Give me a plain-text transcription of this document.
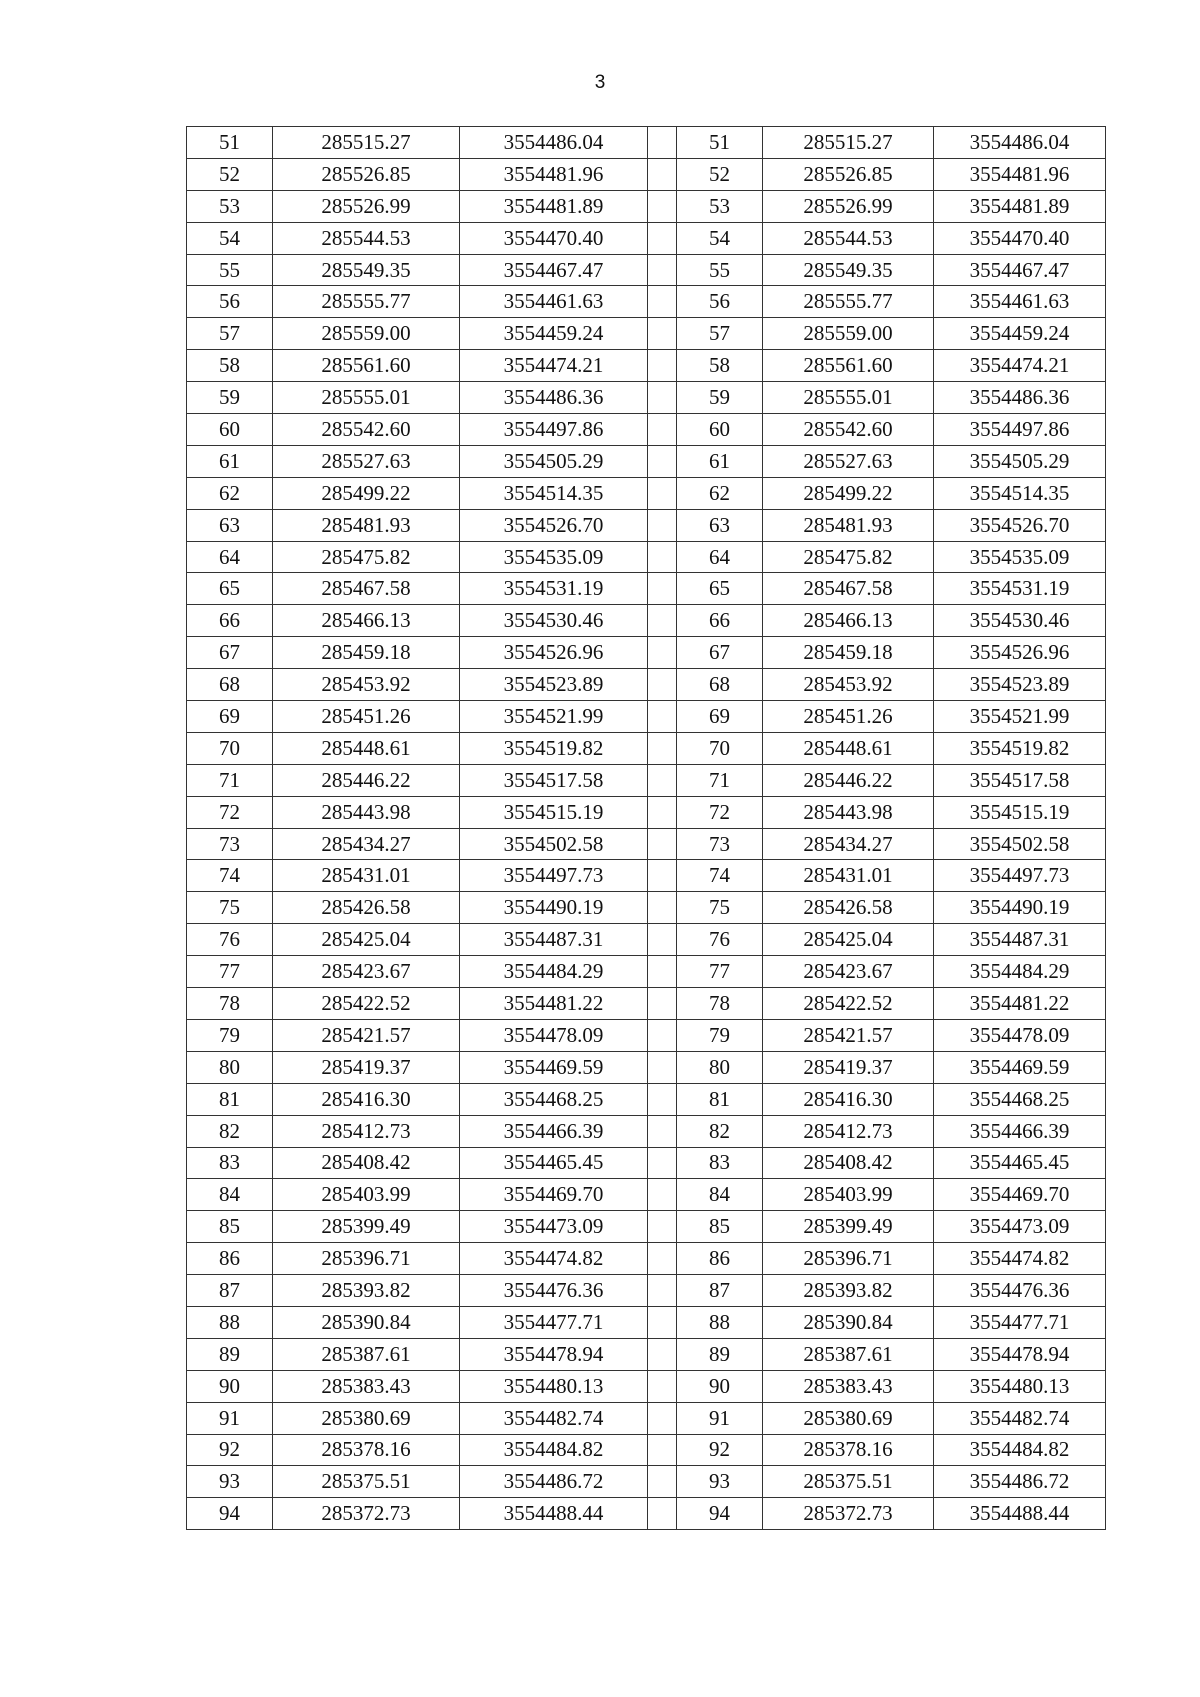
3
51	285515.27	3554486.04		51	285515.27	3554486.04
52	285526.85	3554481.96		52	285526.85	3554481.96
53	285526.99	3554481.89		53	285526.99	3554481.89
54	285544.53	3554470.40		54	285544.53	3554470.40
55	285549.35	3554467.47		55	285549.35	3554467.47
56	285555.77	3554461.63		56	285555.77	3554461.63
57	285559.00	3554459.24		57	285559.00	3554459.24
58	285561.60	3554474.21		58	285561.60	3554474.21
59	285555.01	3554486.36		59	285555.01	3554486.36
60	285542.60	3554497.86		60	285542.60	3554497.86
61	285527.63	3554505.29		61	285527.63	3554505.29
62	285499.22	3554514.35		62	285499.22	3554514.35
63	285481.93	3554526.70		63	285481.93	3554526.70
64	285475.82	3554535.09		64	285475.82	3554535.09
65	285467.58	3554531.19		65	285467.58	3554531.19
66	285466.13	3554530.46		66	285466.13	3554530.46
67	285459.18	3554526.96		67	285459.18	3554526.96
68	285453.92	3554523.89		68	285453.92	3554523.89
69	285451.26	3554521.99		69	285451.26	3554521.99
70	285448.61	3554519.82		70	285448.61	3554519.82
71	285446.22	3554517.58		71	285446.22	3554517.58
72	285443.98	3554515.19		72	285443.98	3554515.19
73	285434.27	3554502.58		73	285434.27	3554502.58
74	285431.01	3554497.73		74	285431.01	3554497.73
75	285426.58	3554490.19		75	285426.58	3554490.19
76	285425.04	3554487.31		76	285425.04	3554487.31
77	285423.67	3554484.29		77	285423.67	3554484.29
78	285422.52	3554481.22		78	285422.52	3554481.22
79	285421.57	3554478.09		79	285421.57	3554478.09
80	285419.37	3554469.59		80	285419.37	3554469.59
81	285416.30	3554468.25		81	285416.30	3554468.25
82	285412.73	3554466.39		82	285412.73	3554466.39
83	285408.42	3554465.45		83	285408.42	3554465.45
84	285403.99	3554469.70		84	285403.99	3554469.70
85	285399.49	3554473.09		85	285399.49	3554473.09
86	285396.71	3554474.82		86	285396.71	3554474.82
87	285393.82	3554476.36		87	285393.82	3554476.36
88	285390.84	3554477.71		88	285390.84	3554477.71
89	285387.61	3554478.94		89	285387.61	3554478.94
90	285383.43	3554480.13		90	285383.43	3554480.13
91	285380.69	3554482.74		91	285380.69	3554482.74
92	285378.16	3554484.82		92	285378.16	3554484.82
93	285375.51	3554486.72		93	285375.51	3554486.72
94	285372.73	3554488.44		94	285372.73	3554488.44
